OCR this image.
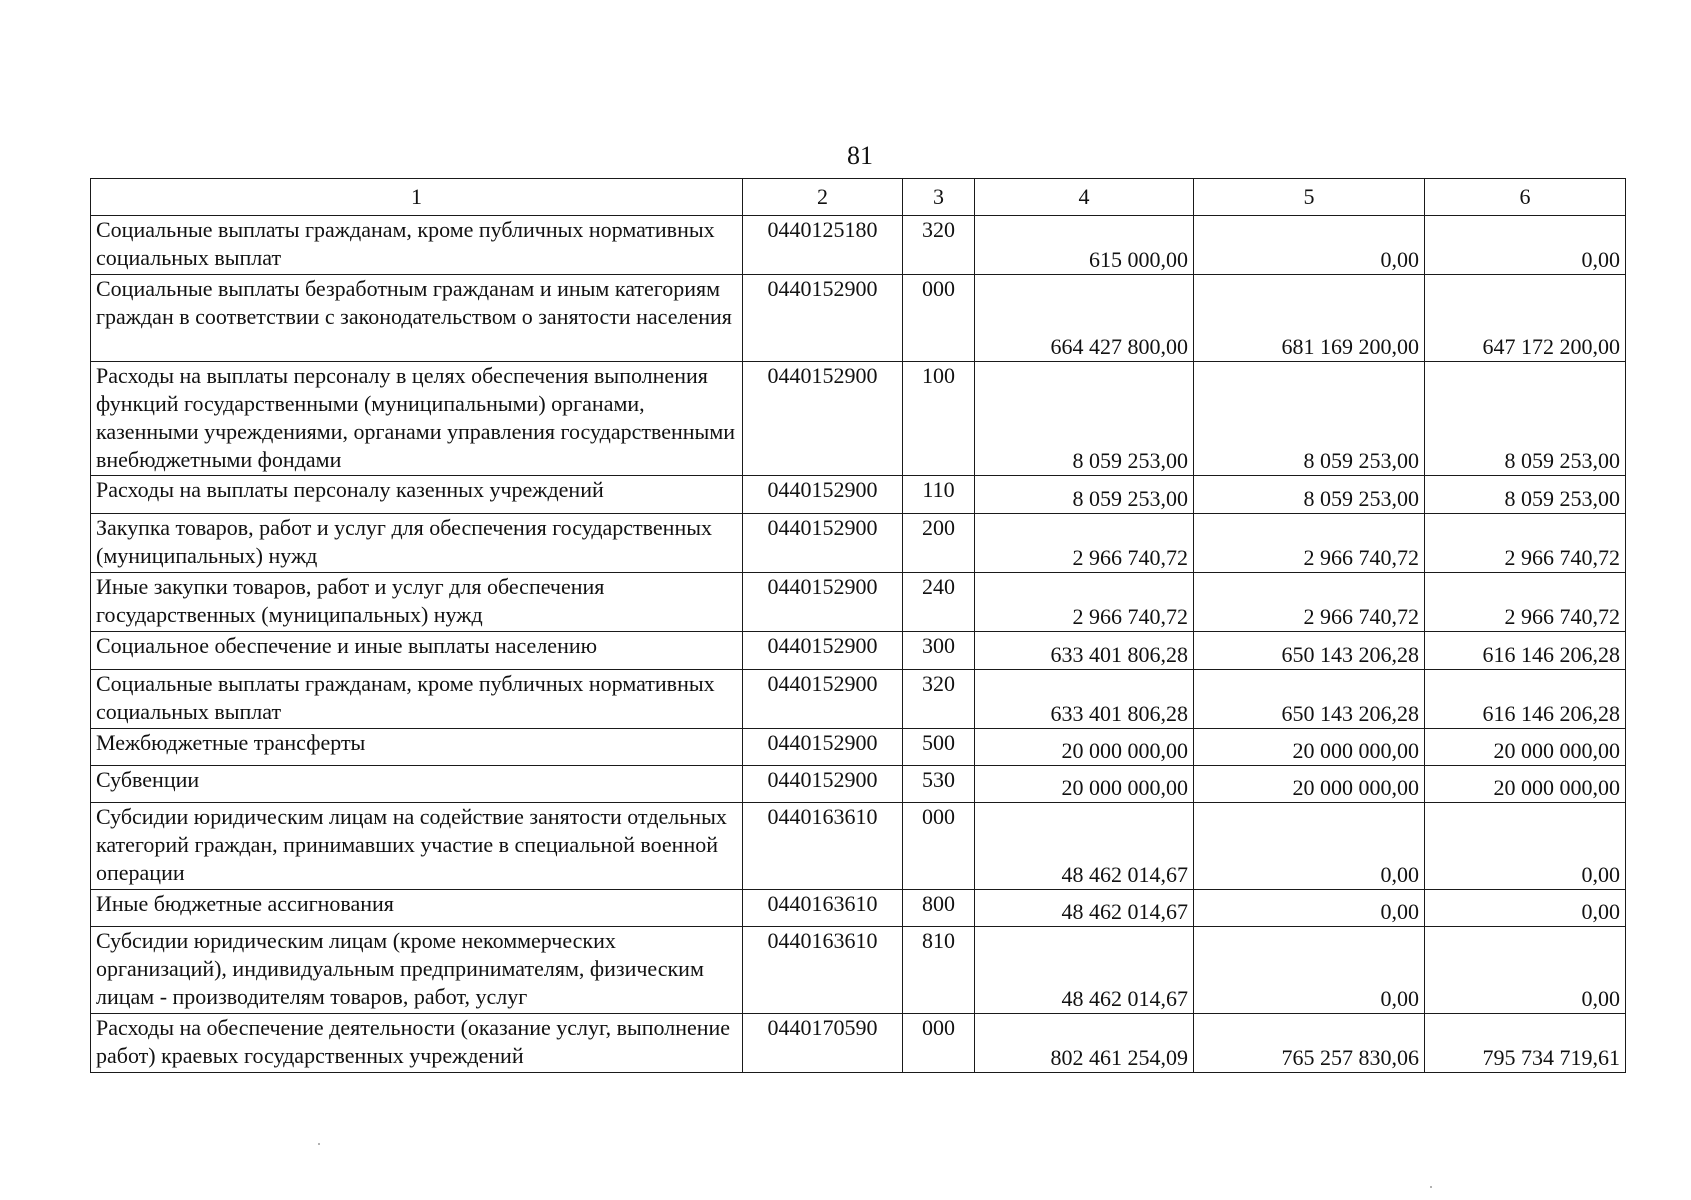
81
1	2	3	4	5	6
Социальные выплаты гражданам, кроме публичных нормативных социальных выплат	0440125180	320	615 000,00	0,00	0,00
Социальные выплаты безработным гражданам и иным категориям граждан в соответствии с законодательством о занятости населения	0440152900	000	664 427 800,00	681 169 200,00	647 172 200,00
Расходы на выплаты персоналу в целях обеспечения выполнения функций государственными (муниципальными) органами, казенными учреждениями, органами управления государственными внебюджетными фондами	0440152900	100	8 059 253,00	8 059 253,00	8 059 253,00
Расходы на выплаты персоналу казенных учреждений	0440152900	110	8 059 253,00	8 059 253,00	8 059 253,00
Закупка товаров, работ и услуг для обеспечения государственных (муниципальных) нужд	0440152900	200	2 966 740,72	2 966 740,72	2 966 740,72
Иные закупки товаров, работ и услуг для обеспечения государственных (муниципальных) нужд	0440152900	240	2 966 740,72	2 966 740,72	2 966 740,72
Социальное обеспечение и иные выплаты населению	0440152900	300	633 401 806,28	650 143 206,28	616 146 206,28
Социальные выплаты гражданам, кроме публичных нормативных социальных выплат	0440152900	320	633 401 806,28	650 143 206,28	616 146 206,28
Межбюджетные трансферты	0440152900	500	20 000 000,00	20 000 000,00	20 000 000,00
Субвенции	0440152900	530	20 000 000,00	20 000 000,00	20 000 000,00
Субсидии юридическим лицам на содействие занятости отдельных категорий граждан, принимавших участие в специальной военной операции	0440163610	000	48 462 014,67	0,00	0,00
Иные бюджетные ассигнования	0440163610	800	48 462 014,67	0,00	0,00
Субсидии юридическим лицам (кроме некоммерческих организаций), индивидуальным предпринимателям, физическим лицам - производителям товаров, работ, услуг	0440163610	810	48 462 014,67	0,00	0,00
Расходы на обеспечение деятельности (оказание услуг, выполнение работ) краевых государственных учреждений	0440170590	000	802 461 254,09	765 257 830,06	795 734 719,61
